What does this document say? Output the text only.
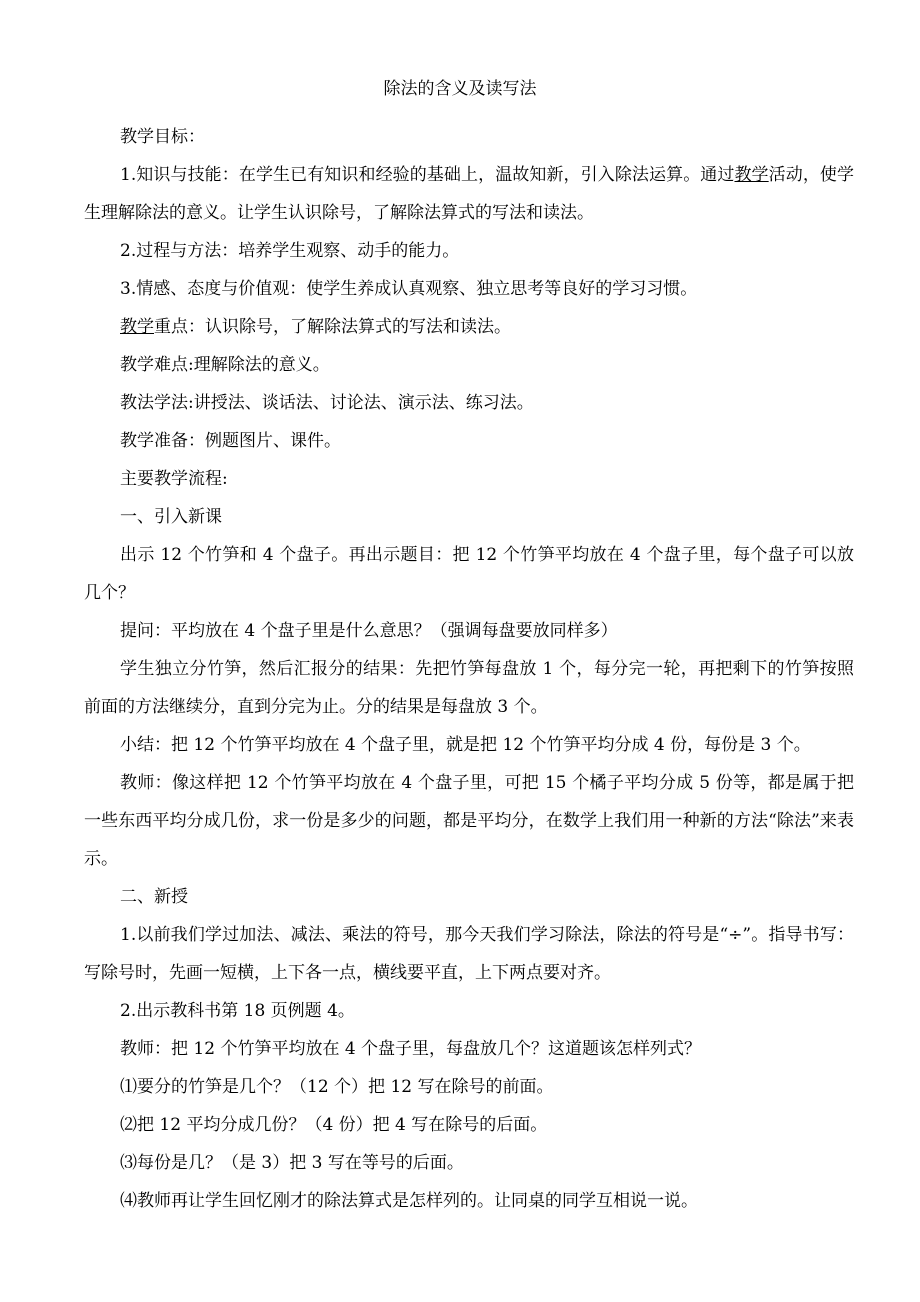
除法的含义及读写法

教学目标：

1.知识与技能：在学生已有知识和经验的基础上，温故知新，引入除法运算。通过教学活动，使学生理解除法的意义。让学生认识除号，了解除法算式的写法和读法。

2.过程与方法：培养学生观察、动手的能力。

3.情感、态度与价值观：使学生养成认真观察、独立思考等良好的学习习惯。

教学重点：认识除号，了解除法算式的写法和读法。

教学难点:理解除法的意义。

教法学法:讲授法、谈话法、讨论法、演示法、练习法。

教学准备：例题图片、课件。

主要教学流程:

一、引入新课

出示 12 个竹笋和 4 个盘子。再出示题目：把 12 个竹笋平均放在 4 个盘子里，每个盘子可以放几个？

提问：平均放在 4 个盘子里是什么意思？（强调每盘要放同样多）

学生独立分竹笋，然后汇报分的结果：先把竹笋每盘放 1 个，每分完一轮，再把剩下的竹笋按照前面的方法继续分，直到分完为止。分的结果是每盘放 3 个。

小结：把 12 个竹笋平均放在 4 个盘子里，就是把 12 个竹笋平均分成 4 份，每份是 3 个。

教师：像这样把 12 个竹笋平均放在 4 个盘子里，可把 15 个橘子平均分成 5 份等，都是属于把一些东西平均分成几份，求一份是多少的问题，都是平均分，在数学上我们用一种新的方法“除法”来表示。

二、新授

1.以前我们学过加法、减法、乘法的符号，那今天我们学习除法，除法的符号是“÷”。指导书写：写除号时，先画一短横，上下各一点，横线要平直，上下两点要对齐。

2.出示教科书第 18 页例题 4。

教师：把 12 个竹笋平均放在 4 个盘子里，每盘放几个？这道题该怎样列式？

⑴要分的竹笋是几个？（12 个）把 12 写在除号的前面。

⑵把 12 平均分成几份？（4 份）把 4 写在除号的后面。

⑶每份是几？（是 3）把 3 写在等号的后面。

⑷教师再让学生回忆刚才的除法算式是怎样列的。让同桌的同学互相说一说。
